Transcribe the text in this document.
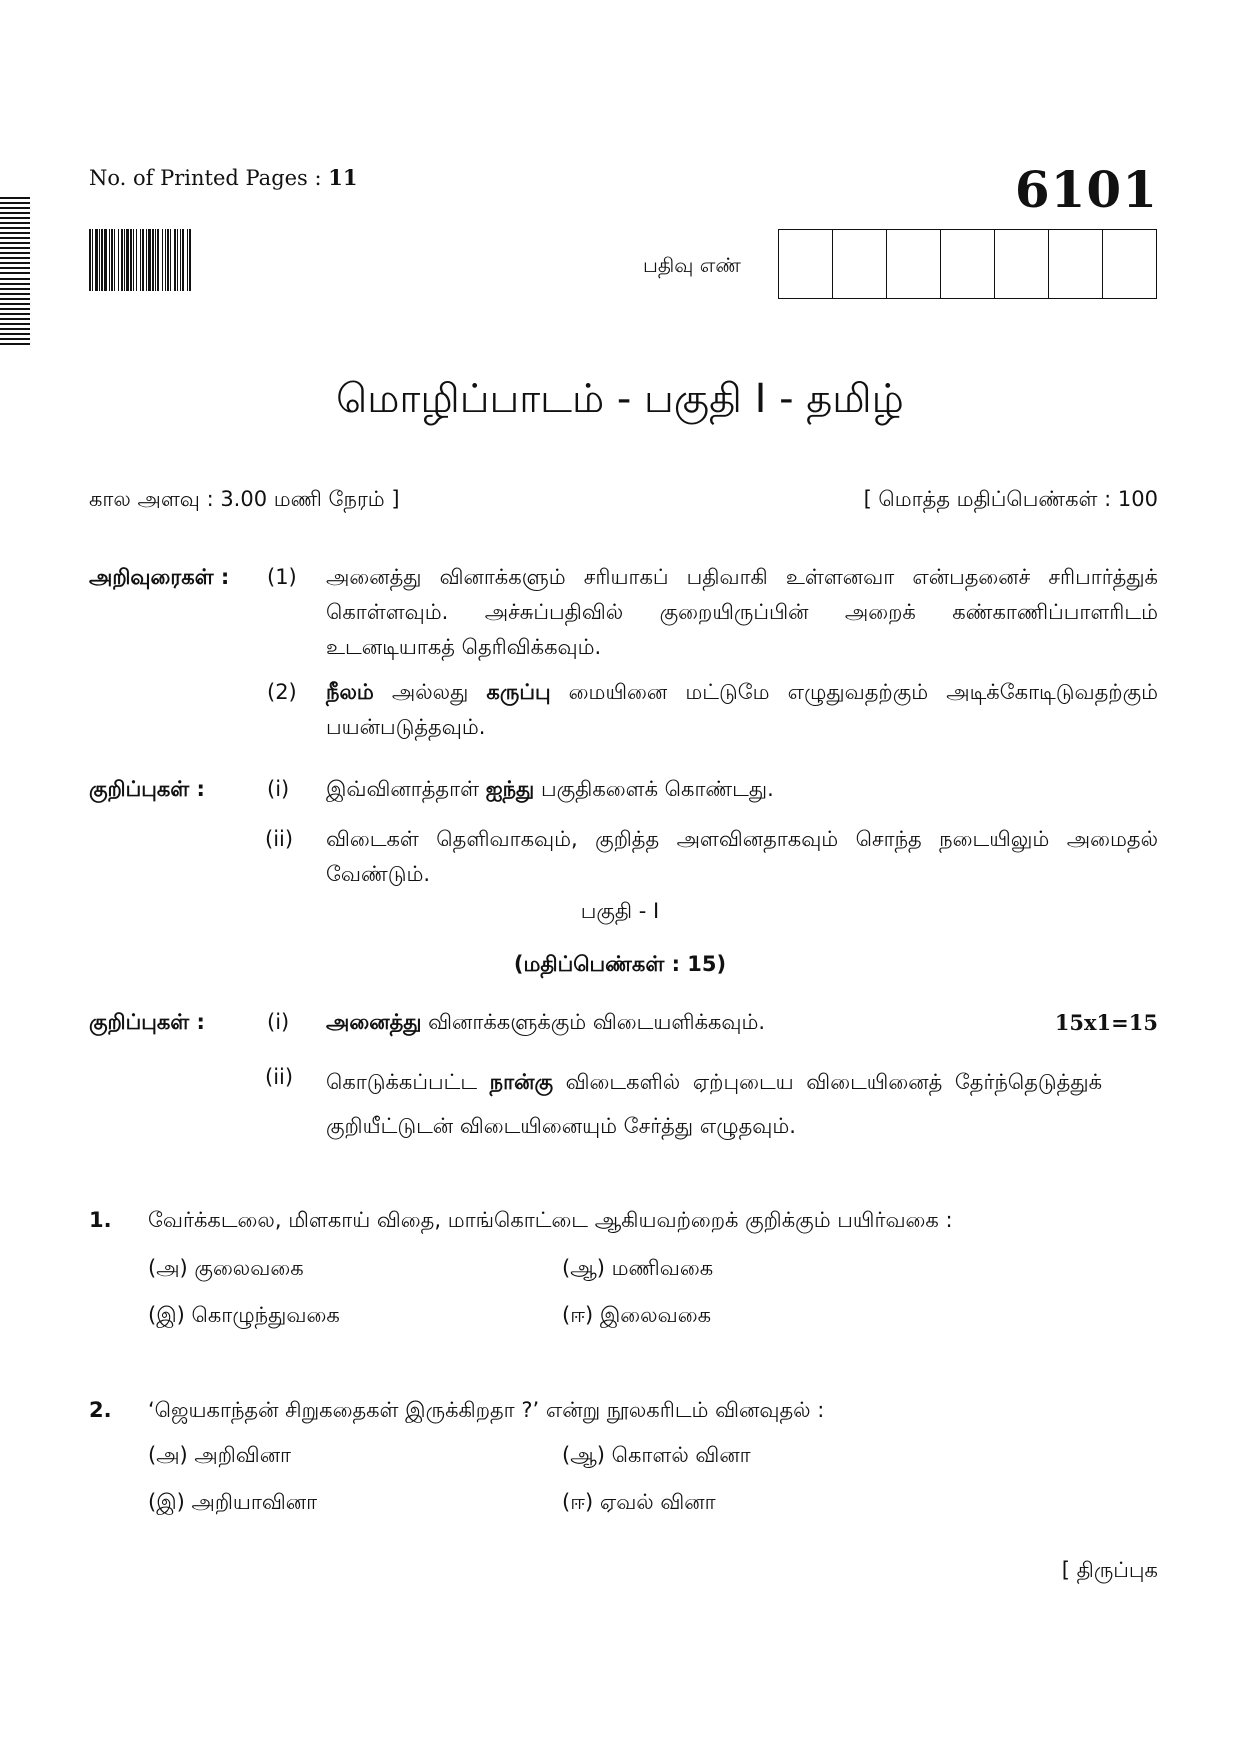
No. of Printed Pages : 11	6101
பதிவு எண்
மொழிப்பாடம் - பகுதி I - தமிழ்
கால அளவு : 3.00 மணி நேரம் ]	[ மொத்த மதிப்பெண்கள் : 100
அறிவுரைகள் : (1) அனைத்து வினாக்களும் சரியாகப் பதிவாகி உள்ளனவா என்பதனைச் சரிபார்த்துக் கொள்ளவும். அச்சுப்பதிவில் குறையிருப்பின் அறைக் கண்காணிப்பாளரிடம் உடனடியாகத் தெரிவிக்கவும்.
(2) நீலம் அல்லது கருப்பு மையினை மட்டுமே எழுதுவதற்கும் அடிக்கோடிடுவதற்கும் பயன்படுத்தவும்.
குறிப்புகள் :	(i) இவ்வினாத்தாள் ஐந்து பகுதிகளைக் கொண்டது.
(ii) விடைகள் தெளிவாகவும், குறித்த அளவினதாகவும் சொந்த நடையிலும் அமைதல் வேண்டும்.
பகுதி - I
(மதிப்பெண்கள் : 15)
குறிப்புகள் :	(i) அனைத்து வினாக்களுக்கும் விடையளிக்கவும்.	15x1=15
(ii) கொடுக்கப்பட்ட நான்கு விடைகளில் ஏற்புடைய விடையினைத் தேர்ந்தெடுத்துக் குறியீட்டுடன் விடையினையும் சேர்த்து எழுதவும்.
1. வேர்க்கடலை, மிளகாய் விதை, மாங்கொட்டை ஆகியவற்றைக் குறிக்கும் பயிர்வகை :
(அ) குலைவகை	(ஆ) மணிவகை
(இ) கொழுந்துவகை	(ஈ) இலைவகை
2. ‘ஜெயகாந்தன் சிறுகதைகள் இருக்கிறதா ?’ என்று நூலகரிடம் வினவுதல் :
(அ) அறிவினா	(ஆ) கொளல் வினா
(இ) அறியாவினா	(ஈ) ஏவல் வினா
[ திருப்புக
